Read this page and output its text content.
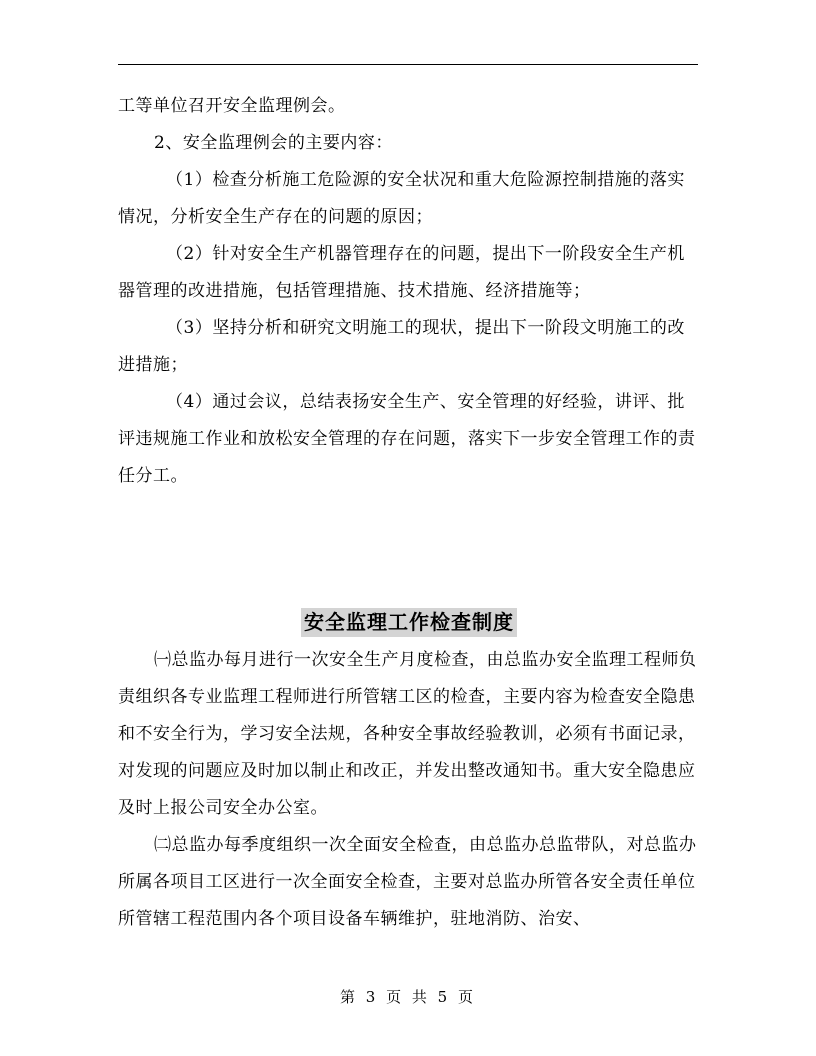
工等单位召开安全监理例会。

2、安全监理例会的主要内容：

（1）检查分析施工危险源的安全状况和重大危险源控制措施的落实情况，分析安全生产存在的问题的原因；

（2）针对安全生产机器管理存在的问题，提出下一阶段安全生产机器管理的改进措施，包括管理措施、技术措施、经济措施等；

（3）坚持分析和研究文明施工的现状，提出下一阶段文明施工的改进措施；

（4）通过会议，总结表扬安全生产、安全管理的好经验，讲评、批评违规施工作业和放松安全管理的存在问题，落实下一步安全管理工作的责任分工。

安全监理工作检查制度

㈠总监办每月进行一次安全生产月度检查，由总监办安全监理工程师负责组织各专业监理工程师进行所管辖工区的检查，主要内容为检查安全隐患和不安全行为，学习安全法规，各种安全事故经验教训，必须有书面记录，对发现的问题应及时加以制止和改正，并发出整改通知书。重大安全隐患应及时上报公司安全办公室。

㈡总监办每季度组织一次全面安全检查，由总监办总监带队，对总监办所属各项目工区进行一次全面安全检查，主要对总监办所管各安全责任单位所管辖工程范围内各个项目设备车辆维护，驻地消防、治安、

第 3 页 共 5 页
